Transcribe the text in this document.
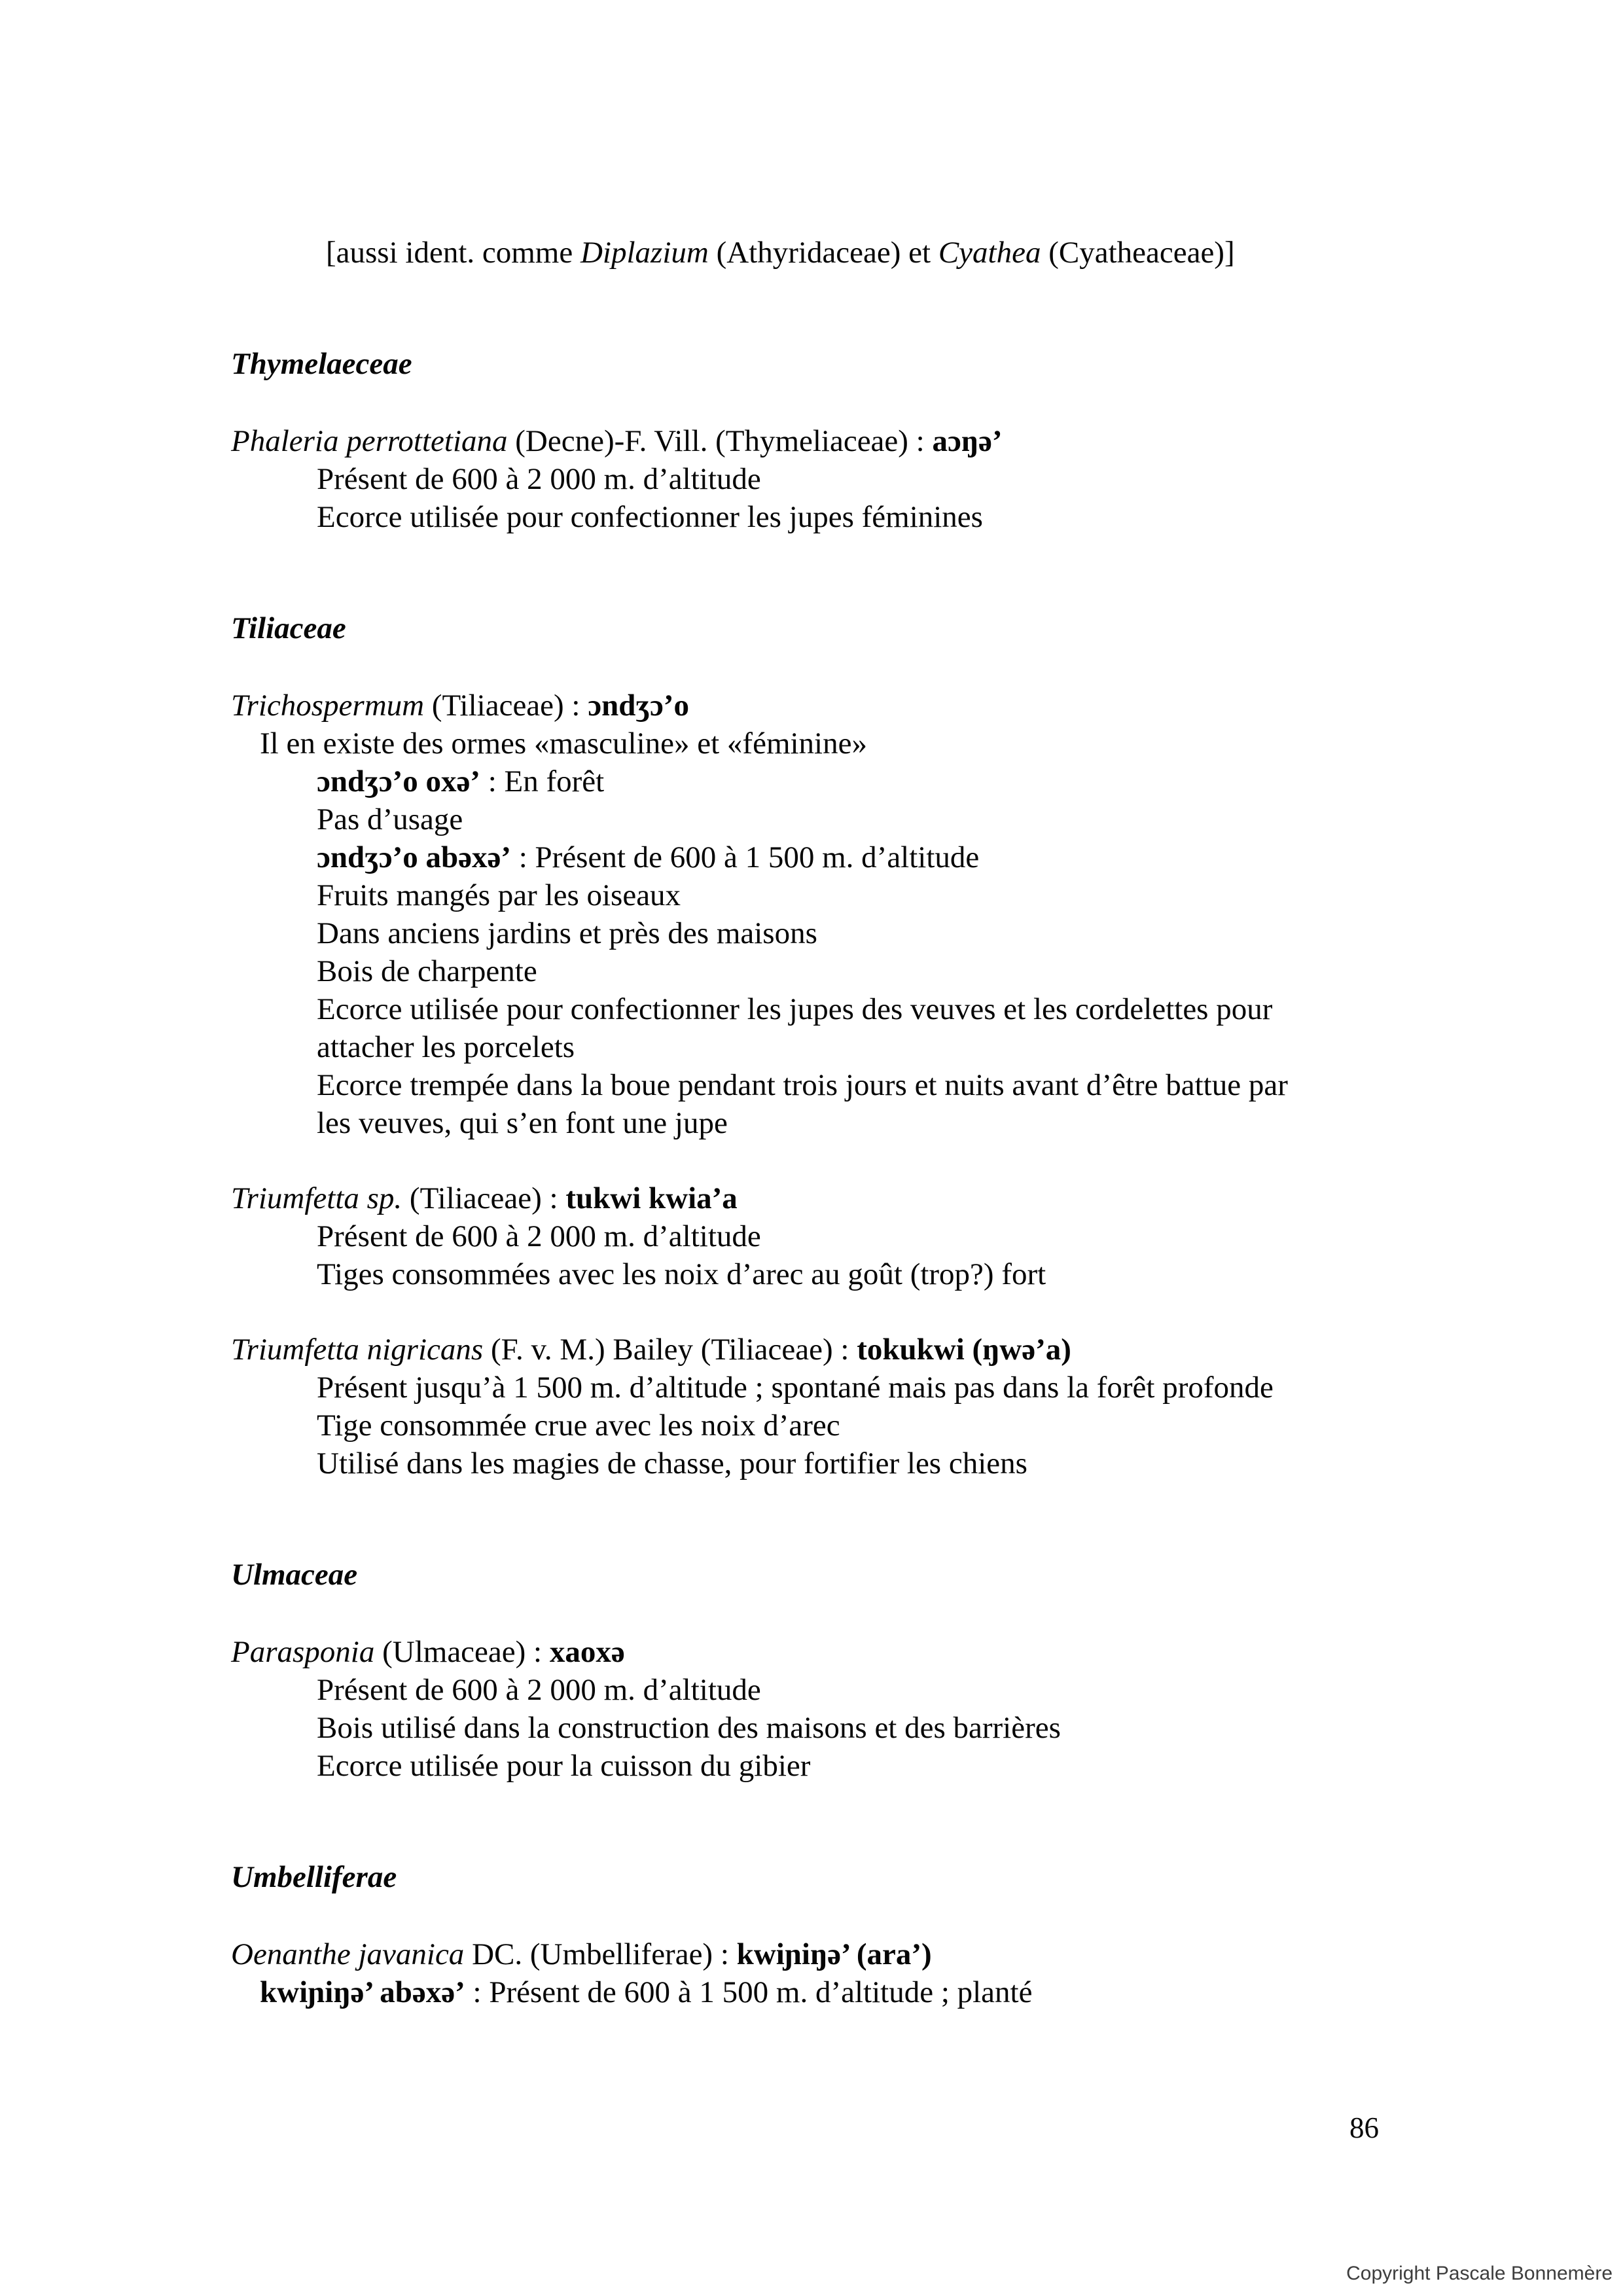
[aussi ident. comme Diplazium (Athyridaceae) et Cyathea (Cyatheaceae)]
Thymelaeceae
Phaleria perrottetiana (Decne)-F. Vill. (Thymeliaceae) : aɔŋə’
Présent de 600 à 2 000 m. d’altitude
Ecorce utilisée pour confectionner les jupes féminines
Tiliaceae
Trichospermum (Tiliaceae) : ɔndʒɔ’o
Il en existe des ormes «masculine» et «féminine»
ɔndʒɔ’o oxə’ : En forêt
Pas d’usage
ɔndʒɔ’o abəxə’ : Présent de 600 à 1 500 m. d’altitude
Fruits mangés par les oiseaux
Dans anciens jardins et près des maisons
Bois de charpente
Ecorce utilisée pour confectionner les jupes des veuves et les cordelettes pour
attacher les porcelets
Ecorce trempée dans la boue pendant trois jours et nuits avant d’être battue par
les veuves, qui s’en font une jupe
Triumfetta sp. (Tiliaceae) : tukwi kwia’a
Présent de 600 à 2 000 m. d’altitude
Tiges consommées avec les noix d’arec au goût (trop?) fort
Triumfetta nigricans (F. v. M.) Bailey (Tiliaceae) : tokukwi (ŋwə’a)
Présent jusqu’à 1 500 m. d’altitude ; spontané mais pas dans la forêt profonde
Tige consommée crue avec les noix d’arec
Utilisé dans les magies de chasse, pour fortifier les chiens
Ulmaceae
Parasponia (Ulmaceae) : xaoxə
Présent de 600 à 2 000 m. d’altitude
Bois utilisé dans la construction des maisons et des barrières
Ecorce utilisée pour la cuisson du gibier
Umbelliferae
Oenanthe javanica DC. (Umbelliferae) : kwiɲiŋə’ (ara’)
kwiɲiŋə’ abəxə’ : Présent de 600 à 1 500 m. d’altitude ; planté
86
Copyright Pascale Bonnemère
